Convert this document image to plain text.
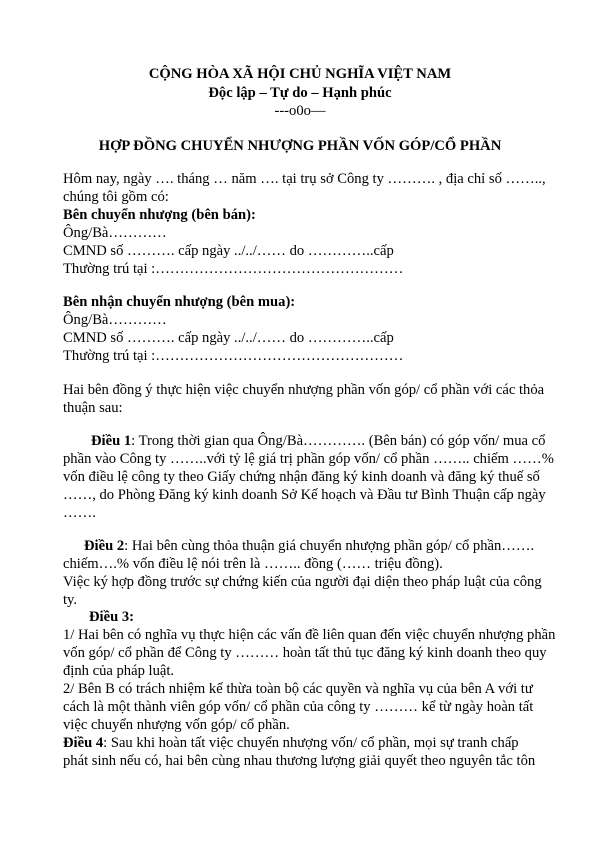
CỘNG HÒA XÃ HỘI CHỦ NGHĨA VIỆT NAM
Độc lập – Tự do – Hạnh phúc
---o0o—
HỢP ĐỒNG CHUYỂN NHƯỢNG PHẦN VỐN GÓP/CỔ PHẦN
Hôm nay, ngày …. tháng … năm …. tại trụ sở Công ty ………. , địa chỉ số ……..,
chúng tôi gồm có:
Bên chuyển nhượng (bên bán):
Ông/Bà…………
CMND số ………. cấp ngày ../../…… do …………..cấp
Thường trú tại :……………………………………………
Bên nhận chuyển nhượng (bên mua):
Ông/Bà…………
CMND số ………. cấp ngày ../../…… do …………..cấp
Thường trú tại :……………………………………………
Hai bên đồng ý thực hiện việc chuyển nhượng phần vốn góp/ cổ phần với các thỏa
thuận sau:
Điều 1: Trong thời gian qua Ông/Bà…………. (Bên bán) có góp vốn/ mua cổ
phần vào Công ty ……..với tỷ lệ giá trị phần góp vốn/ cổ phần …….. chiếm ……%
vốn điều lệ công ty theo Giấy chứng nhận đăng ký kinh doanh và đăng ký thuế số
……, do Phòng Đăng ký kinh doanh Sở Kế hoạch và Đầu tư Bình Thuận cấp ngày
…….
Điều 2: Hai bên cùng thỏa thuận giá chuyển nhượng phần góp/ cổ phần…….
chiếm….% vốn điều lệ nói trên là …….. đồng (…… triệu đồng).
Việc ký hợp đồng trước sự chứng kiến của người đại diện theo pháp luật của công
ty.
Điều 3:
1/ Hai bên có nghĩa vụ thực hiện các vấn đề liên quan đến việc chuyển nhượng phần
vốn góp/ cổ phần để Công ty ……… hoàn tất thủ tục đăng ký kinh doanh theo quy
định của pháp luật.
2/ Bên B có trách nhiệm kế thừa toàn bộ các quyền và nghĩa vụ của bên A với tư
cách là một thành viên góp vốn/ cổ phần của công ty ……… kể từ ngày hoàn tất
việc chuyển nhượng vốn góp/ cổ phần.
Điều 4: Sau khi hoàn tất việc chuyển nhượng vốn/ cổ phần, mọi sự tranh chấp
phát sinh nếu có, hai bên cùng nhau thương lượng giải quyết theo nguyên tắc tôn
